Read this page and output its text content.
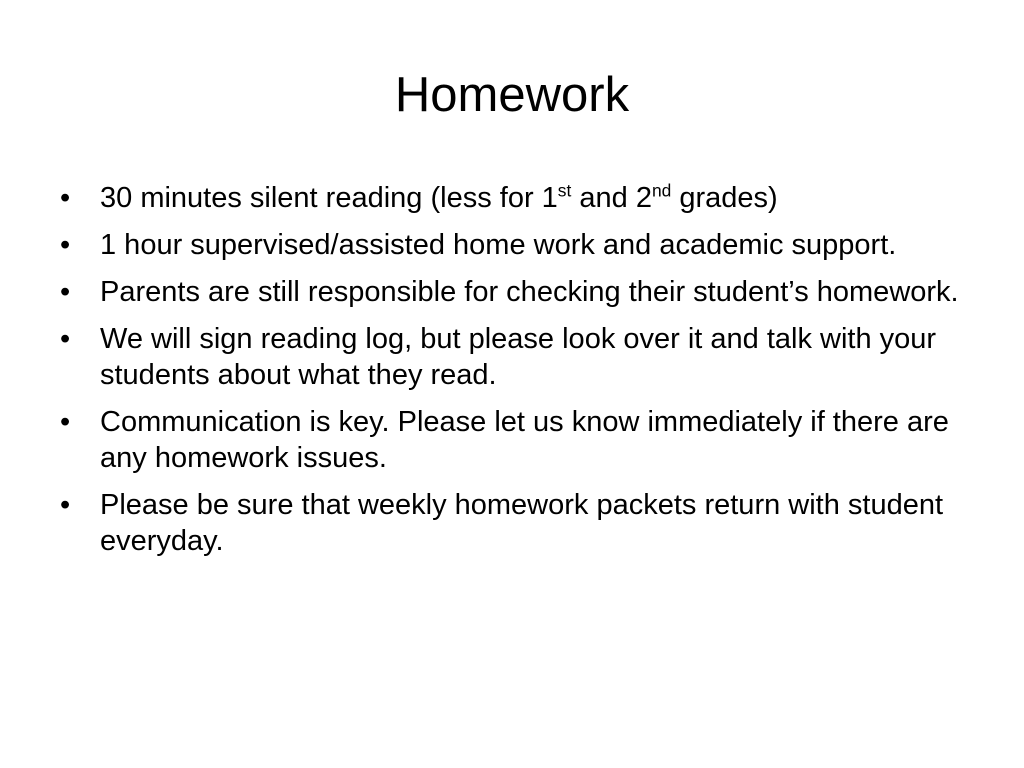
Homework
•	30 minutes silent reading (less for 1st and 2nd grades)
•	1 hour supervised/assisted home work and academic support.
•	Parents are still responsible for checking their student’s homework.
•	We will sign reading log, but please look over it and talk with your students about what they read.
•	Communication is key. Please let us know immediately if there are any homework issues.
•	Please be sure that weekly homework packets return with student everyday.
